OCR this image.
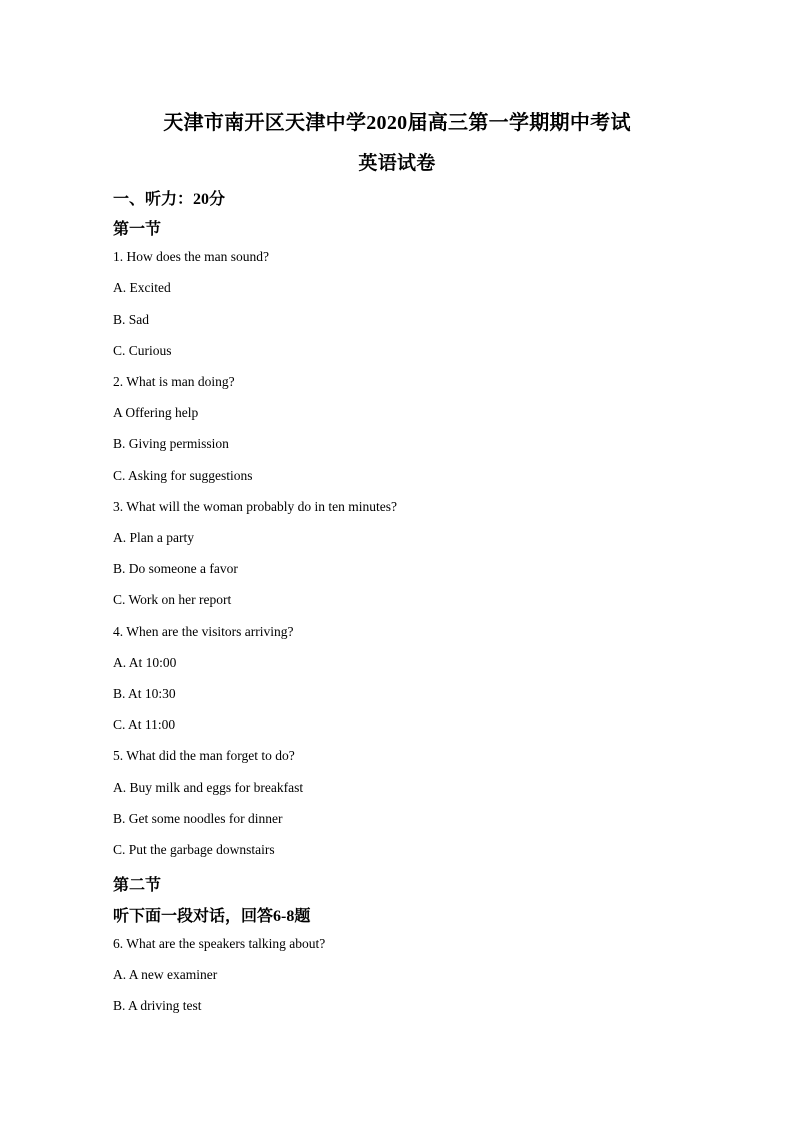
天津市南开区天津中学2020届高三第一学期期中考试
英语试卷
一、听力：20分
第一节
1. How does the man sound?
A. Excited
B. Sad
C. Curious
2. What is man doing?
A Offering help
B. Giving permission
C. Asking for suggestions
3. What will the woman probably do in ten minutes?
A. Plan a party
B. Do someone a favor
C. Work on her report
4. When are the visitors arriving?
A. At 10:00
B. At 10:30
C. At 11:00
5. What did the man forget to do?
A. Buy milk and eggs for breakfast
B. Get some noodles for dinner
C. Put the garbage downstairs
第二节
听下面一段对话，回答6-8题
6. What are the speakers talking about?
A. A new examiner
B. A driving test
